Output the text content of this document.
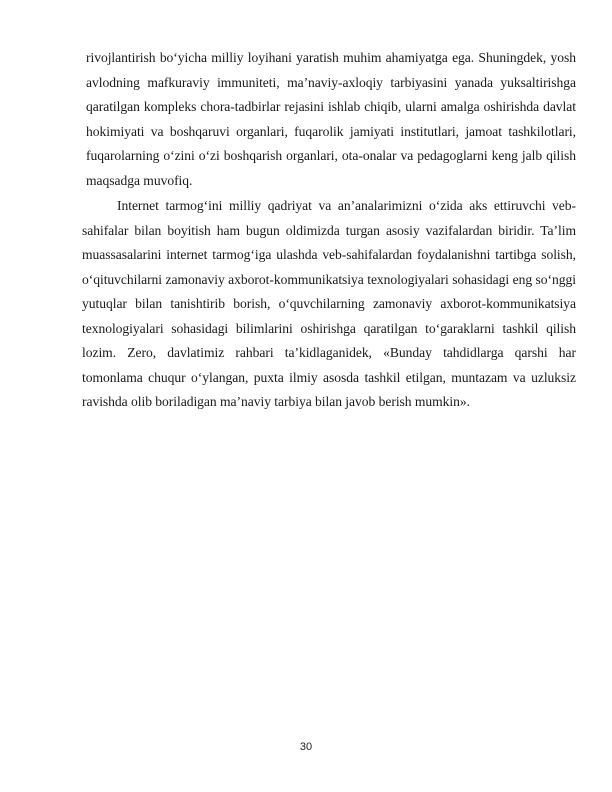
rivojlantirish bo‘yicha milliy loyihani yaratish muhim ahamiyatga ega. Shuningdek, yosh avlodning mafkuraviy immuniteti, ma’naviy-axloqiy tarbiyasini yanada yuksaltirishga qaratilgan kompleks chora-tadbirlar rejasini ishlab chiqib, ularni amalga oshirishda davlat hokimiyati va boshqaruvi organlari, fuqarolik jamiyati institutlari, jamoat tashkilotlari, fuqarolarning o‘zini o‘zi boshqarish organlari, ota-onalar va pedagoglarni keng jalb qilish maqsadga muvofiq.

Internet tarmog‘ini milliy qadriyat va an’analarimizni o‘zida aks ettiruvchi veb-sahifalar bilan boyitish ham bugun oldimizda turgan asosiy vazifalardan biridir. Ta’lim muassasalarini internet tarmog‘iga ulashda veb-sahifalardan foydalanishni tartibga solish, o‘qituvchilarni zamonaviy axborot-kommunikatsiya texnologiyalari sohasidagi eng so‘nggi yutuqlar bilan tanishtirib borish, o‘quvchilarning zamonaviy axborot-kommunikatsiya texnologiyalari sohasidagi bilimlarini oshirishga qaratilgan to‘garaklarni tashkil qilish lozim. Zero, davlatimiz rahbari ta’kidlaganidek, «Bunday tahdidlarga qarshi har tomonlama chuqur o‘ylangan, puxta ilmiy asosda tashkil etilgan, muntazam va uzluksiz ravishda olib boriladigan ma’naviy tarbiya bilan javob berish mumkin».

30
